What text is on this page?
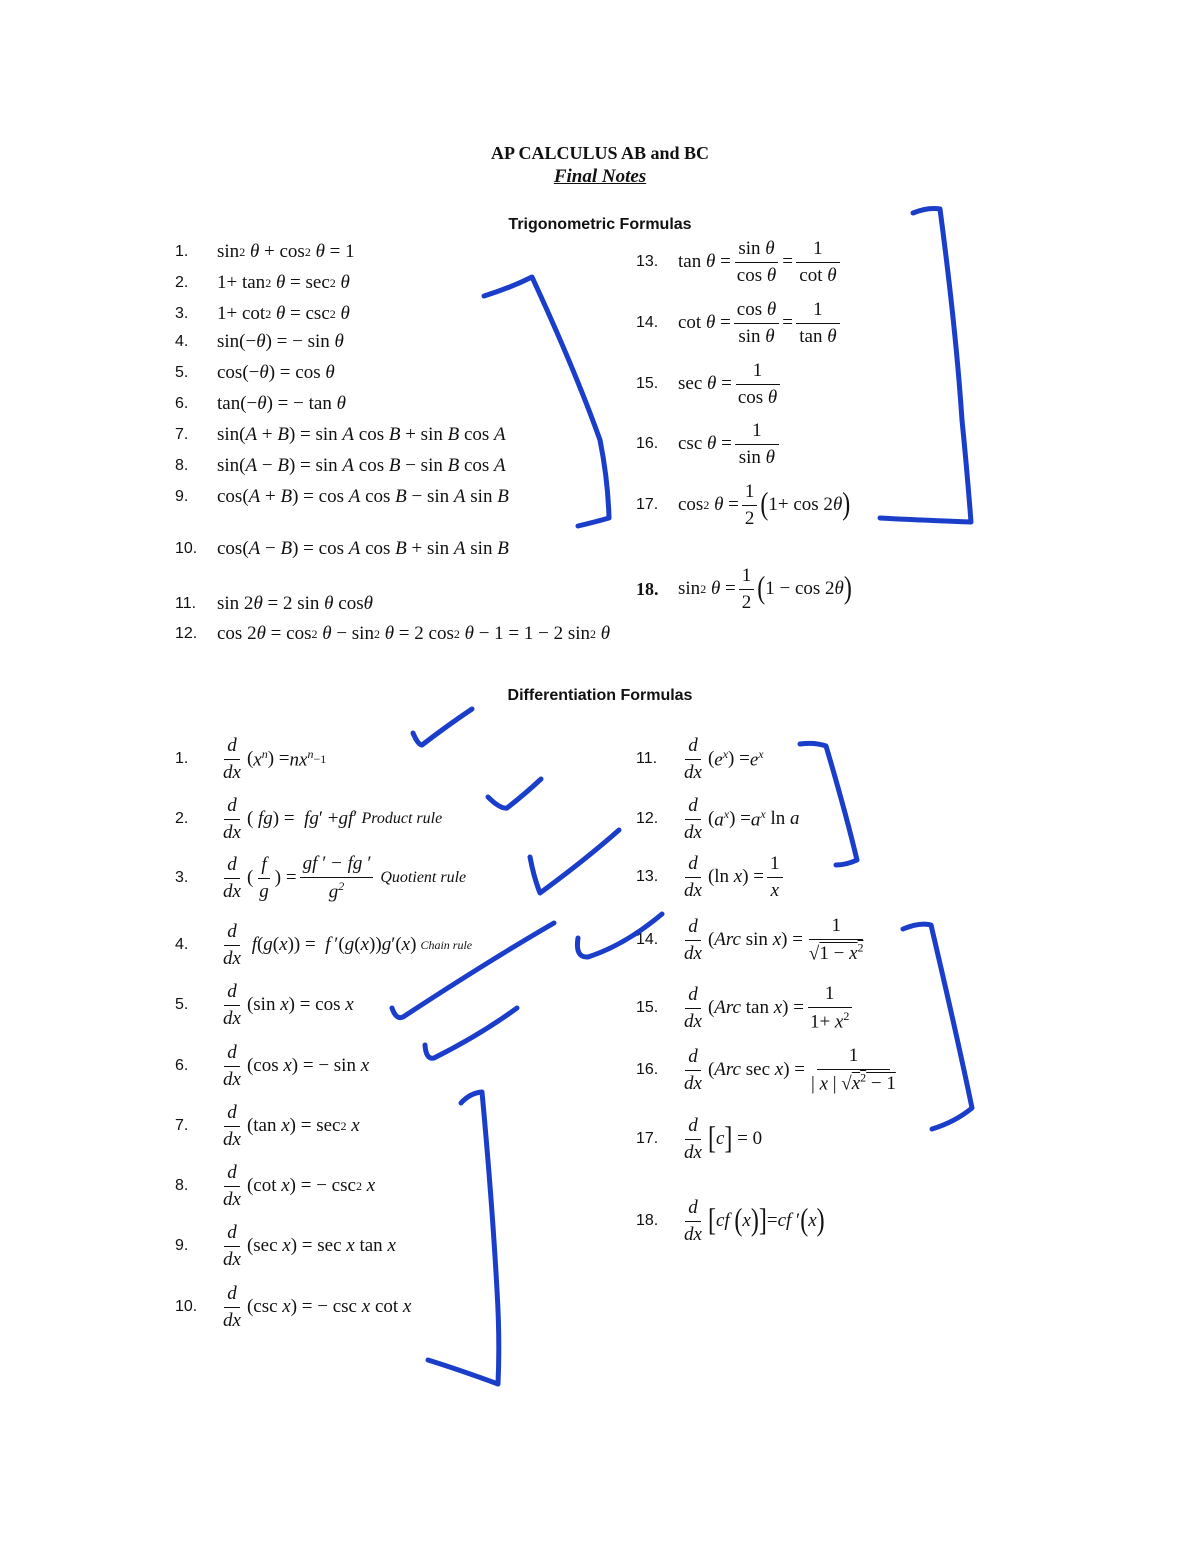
AP CALCULUS AB and BC
Final Notes
Trigonometric Formulas
1.	sin 2
θ + cos 2
θ = 1
2.	1+ tan 2
θ = sec 2
θ
3.	1+ cot 2
θ = csc 2
θ
4.	sin(− θ ) = − sin θ
5.	cos(− θ ) = cos θ
6.	tan(− θ ) = − tan θ
7.	sin( A + B ) = sin A cos B + sin B cos A
8.	sin( A − B ) = sin A cos B − sin B cos A
9.	cos( A + B ) = cos A cos B − sin A sin B
10.	cos( A − B ) = cos A cos B + sin A sin B
11.	sin 2 θ = 2 sin θ cos θ
12.	cos 2 θ = cos 2
θ − sin 2
θ = 2 cos 2
θ − 1 = 1 − 2 sin 2
θ
13.	tan θ =
sin θ
cos θ
=
1
cot θ
14.	cot θ =
cos θ
sin θ
=
1
tan θ
15.	sec θ =
1
cos θ
16.	csc θ =
1
sin θ
17.	cos 2
θ =
1
2 ( 1+ cos 2 θ )
18.	sin 2
θ =
1
2 ( 1 − cos 2 θ )
Differentiation Formulas
1.
d
dx
( $x^n$ ) = $nx^n -1$
2.
d
dx
( fg ) = fg ′ + gf ′ Product rule
3.
d
dx
(
f
g
) =
gf ′ − fg ′
$g^2$ Quotient rule
4.
d
dx

f ( g ( x )) = f  ′( g ( x )) g ′( x ) Chain rule
5.
d
dx
(sin x ) = cos x
6.
d
dx
(cos x ) = − sin x
7.
d
dx
(tan x ) = sec 2
x
8.
d
dx
(cot x ) = − csc 2
x
9.
d
dx
(sec x ) = sec x tan x
10.
d
dx
(csc x ) = − csc x cot x
11.
d
dx
( $e^x$ ) = $e^x$
12.
d
dx
( $a^x$ ) = $a^x$ ln a
13.
d
dx
(ln x ) =
1
x
14.
d
dx
( Arc sin x ) =
1
$√1 - x^2$
15.
d
dx
( Arc tan x ) =
1
$1+ x^2$
16.
d
dx
( Arc sec x ) =
1
| x | $√x^2 - 1$
17.
d
dx [ c ] = 0
18.
d
dx [ cf
( x ) ] = cf ′ ( x )
